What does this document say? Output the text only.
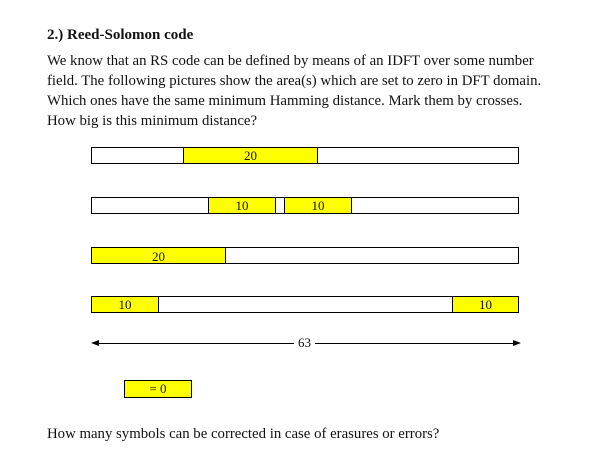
2.) Reed-Solomon code

We know that an RS code can be defined by means of an IDFT over some number
field. The following pictures show the area(s) which are set to zero in DFT domain.
Which ones have the same minimum Hamming distance. Mark them by crosses.
How big is this minimum distance?

20
10	10
20
10	10
63
= 0

How many symbols can be corrected in case of erasures or errors?
